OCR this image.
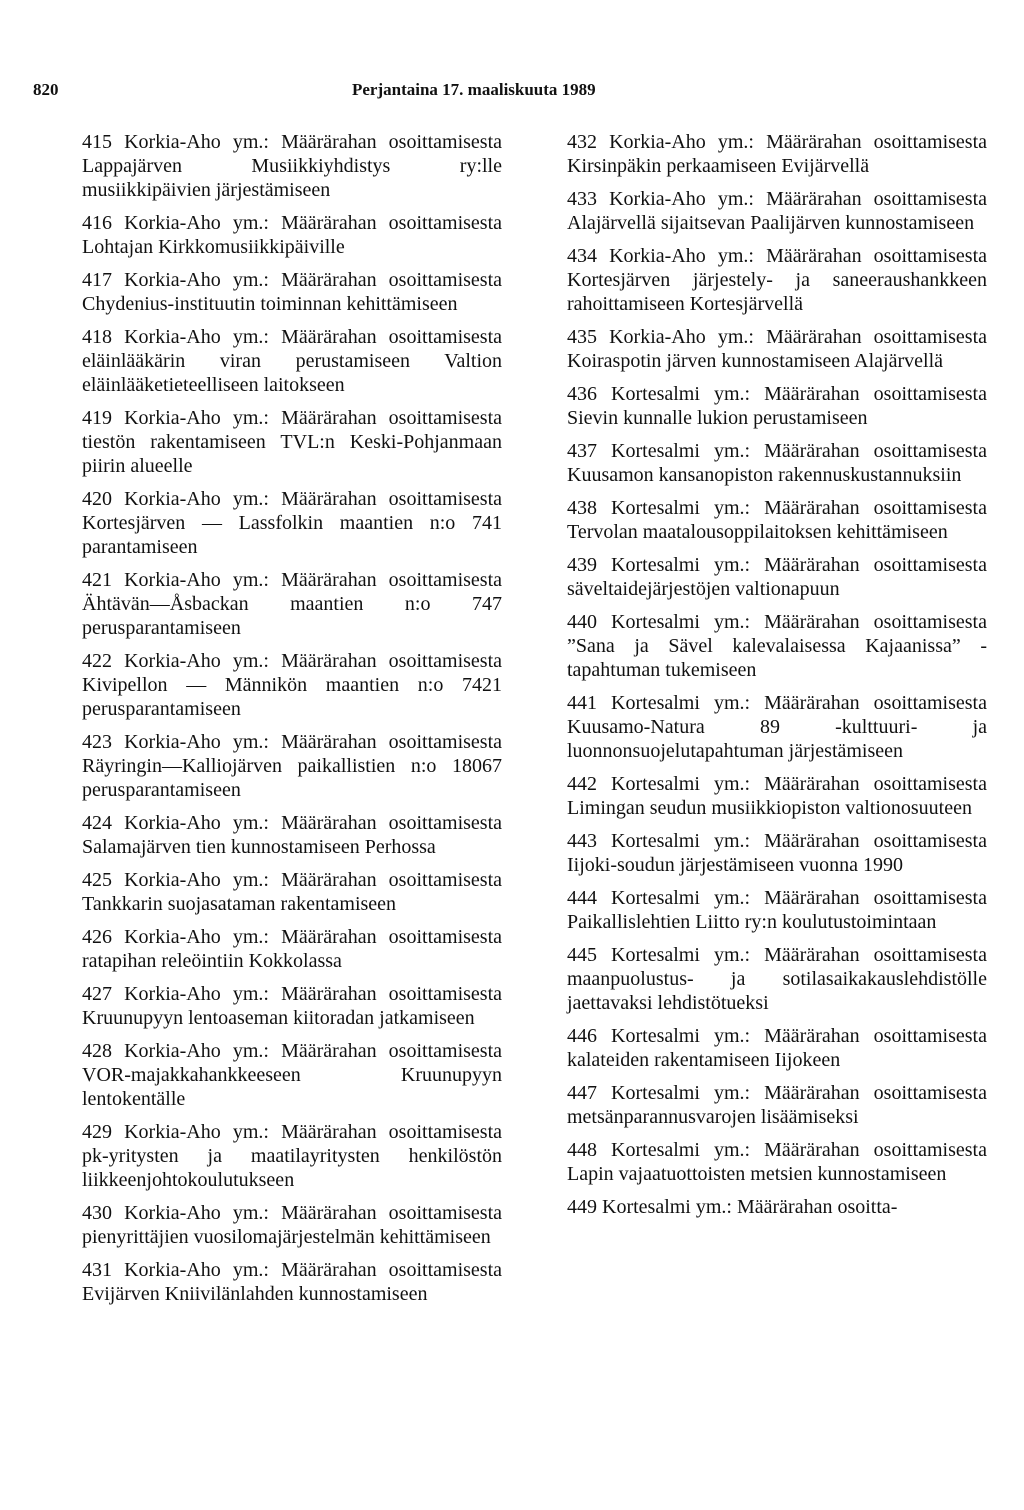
820	Perjantaina 17. maaliskuuta 1989

415 Korkia-Aho ym.: Määrärahan osoittamisesta Lappajärven Musiikkiyhdistys ry:lle musiikkipäivien järjestämiseen

416 Korkia-Aho ym.: Määrärahan osoittamisesta Lohtajan Kirkkomusiikkipäiville

417 Korkia-Aho ym.: Määrärahan osoittamisesta Chydenius-instituutin toiminnan kehittämiseen

418 Korkia-Aho ym.: Määrärahan osoittamisesta eläinlääkärin viran perustamiseen Valtion eläinlääketieteelliseen laitokseen

419 Korkia-Aho ym.: Määrärahan osoittamisesta tiestön rakentamiseen TVL:n Keski-Pohjanmaan piirin alueelle

420 Korkia-Aho ym.: Määrärahan osoittamisesta Kortesjärven — Lassfolkin maantien n:o 741 parantamiseen

421 Korkia-Aho ym.: Määrärahan osoittamisesta Ähtävän—Åsbackan maantien n:o 747 perusparantamiseen

422 Korkia-Aho ym.: Määrärahan osoittamisesta Kivipellon — Männikön maantien n:o 7421 perusparantamiseen

423 Korkia-Aho ym.: Määrärahan osoittamisesta Räyringin—Kalliojärven paikallistien n:o 18067 perusparantamiseen

424 Korkia-Aho ym.: Määrärahan osoittamisesta Salamajärven tien kunnostamiseen Perhossa

425 Korkia-Aho ym.: Määrärahan osoittamisesta Tankkarin suojasataman rakentamiseen

426 Korkia-Aho ym.: Määrärahan osoittamisesta ratapihan releöintiin Kokkolassa

427 Korkia-Aho ym.: Määrärahan osoittamisesta Kruunupyyn lentoaseman kiitoradan jatkamiseen

428 Korkia-Aho ym.: Määrärahan osoittamisesta VOR-majakkahankkeeseen Kruunupyyn lentokentälle

429 Korkia-Aho ym.: Määrärahan osoittamisesta pk-yritysten ja maatilayritysten henkilöstön liikkeenjohtokoulutukseen

430 Korkia-Aho ym.: Määrärahan osoittamisesta pienyrittäjien vuosilomajärjestelmän kehittämiseen

431 Korkia-Aho ym.: Määrärahan osoittamisesta Evijärven Kniivilänlahden kunnostamiseen

432 Korkia-Aho ym.: Määrärahan osoittamisesta Kirsinpäkin perkaamiseen Evijärvellä

433 Korkia-Aho ym.: Määrärahan osoittamisesta Alajärvellä sijaitsevan Paalijärven kunnostamiseen

434 Korkia-Aho ym.: Määrärahan osoittamisesta Kortesjärven järjestely- ja saneeraushankkeen rahoittamiseen Kortesjärvellä

435 Korkia-Aho ym.: Määrärahan osoittamisesta Koiraspotin järven kunnostamiseen Alajärvellä

436 Kortesalmi ym.: Määrärahan osoittamisesta Sievin kunnalle lukion perustamiseen

437 Kortesalmi ym.: Määrärahan osoittamisesta Kuusamon kansanopiston rakennuskustannuksiin

438 Kortesalmi ym.: Määrärahan osoittamisesta Tervolan maatalousoppilaitoksen kehittämiseen

439 Kortesalmi ym.: Määrärahan osoittamisesta säveltaidejärjestöjen valtionapuun

440 Kortesalmi ym.: Määrärahan osoittamisesta ”Sana ja Sävel kalevalaisessa Kajaanissa” -tapahtuman tukemiseen

441 Kortesalmi ym.: Määrärahan osoittamisesta Kuusamo-Natura 89 -kulttuuri- ja luonnonsuojelutapahtuman järjestämiseen

442 Kortesalmi ym.: Määrärahan osoittamisesta Limingan seudun musiikkiopiston valtionosuuteen

443 Kortesalmi ym.: Määrärahan osoittamisesta Iijoki-soudun järjestämiseen vuonna 1990

444 Kortesalmi ym.: Määrärahan osoittamisesta Paikallislehtien Liitto ry:n koulutustoimintaan

445 Kortesalmi ym.: Määrärahan osoittamisesta maanpuolustus- ja sotilasaikakauslehdistölle jaettavaksi lehdistötueksi

446 Kortesalmi ym.: Määrärahan osoittamisesta kalateiden rakentamiseen Iijokeen

447 Kortesalmi ym.: Määrärahan osoittamisesta metsänparannusvarojen lisäämiseksi

448 Kortesalmi ym.: Määrärahan osoittamisesta Lapin vajaatuottoisten metsien kunnostamiseen

449 Kortesalmi ym.: Määrärahan osoitta-
